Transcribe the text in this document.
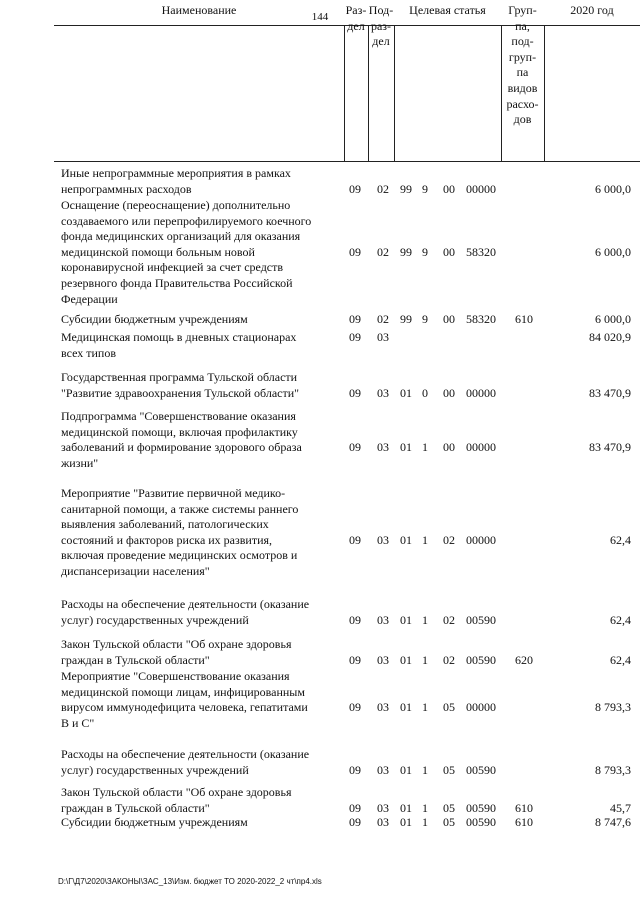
144
Наименование	Раз-
дел
Под-
раз-
дел
Целевая статья	Груп-
па,
под-
груп-
па
видов
расхо-
дов
2020 год
Иные непрограммные мероприятия в рамках
непрограммных расходов	09 02 99 9 00 00000	6 000,0
Оснащение (переоснащение) дополнительно
создаваемого или перепрофилируемого коечного
фонда медицинских организаций для оказания
медицинской помощи больным новой
коронавирусной инфекцией за счет средств
резервного фонда Правительства Российской
Федерации
09 02 99 9 00 58320	6 000,0
Субсидии бюджетным учреждениям	09 02 99 9 00 58320 610	6 000,0
Медицинская помощь в дневных стационарах
всех типов
09 03	84 020,9
Государственная программа Тульской области
"Развитие здравоохранения Тульской области"	09 03 01 0 00 00000	83 470,9
Подпрограмма "Совершенствование оказания
медицинской помощи, включая профилактику
заболеваний и формирование здорового образа
жизни"
09 03 01 1 00 00000	83 470,9
Мероприятие "Развитие первичной медико-
санитарной помощи, а также системы раннего
выявления заболеваний, патологических
состояний и факторов риска их развития,
включая проведение медицинских осмотров и
диспансеризации населения"
09 03 01 1 02 00000	62,4
Расходы на обеспечение деятельности (оказание
услуг) государственных учреждений	09 03 01 1 02 00590	62,4
Закон Тульской области "Об охране здоровья
граждан в Тульской области"	09 03 01 1 02 00590 620	62,4
Мероприятие "Совершенствование оказания
медицинской помощи лицам, инфицированным
вирусом иммунодефицита человека, гепатитами
В и С"
09 03 01 1 05 00000	8 793,3
Расходы на обеспечение деятельности (оказание
услуг) государственных учреждений	09 03 01 1 05 00590	8 793,3
Закон Тульской области "Об охране здоровья
граждан в Тульской области"	09 03 01 1 05 00590 610	45,7
Субсидии бюджетным учреждениям	09 03 01 1 05 00590 610	8 747,6
D:\Г\Д7\2020\ЗАКОНЫ\ЗАС_13\Изм. бюджет ТО 2020-2022_2 чт\пр4.xls
